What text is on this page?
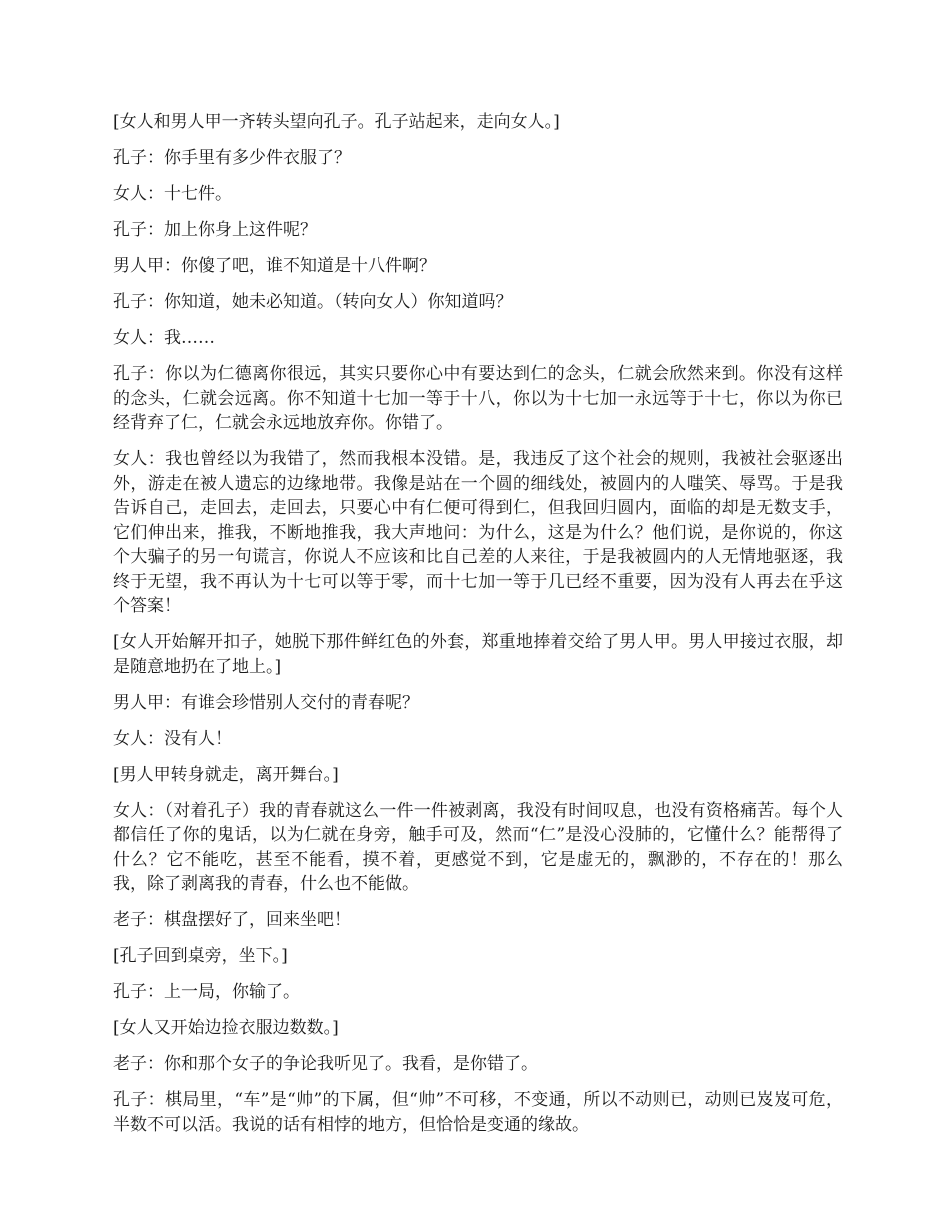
[女人和男人甲一齐转头望向孔子。孔子站起来，走向女人。]

孔子：你手里有多少件衣服了？

女人：十七件。

孔子：加上你身上这件呢？

男人甲：你傻了吧，谁不知道是十八件啊？

孔子：你知道，她未必知道。（转向女人）你知道吗？

女人：我……

孔子：你以为仁德离你很远，其实只要你心中有要达到仁的念头，仁就会欣然来到。你没有这样的念头，仁就会远离。你不知道十七加一等于十八，你以为十七加一永远等于十七，你以为你已经背弃了仁，仁就会永远地放弃你。你错了。

女人：我也曾经以为我错了，然而我根本没错。是，我违反了这个社会的规则，我被社会驱逐出外，游走在被人遗忘的边缘地带。我像是站在一个圆的细线处，被圆内的人嗤笑、辱骂。于是我告诉自己，走回去，走回去，只要心中有仁便可得到仁，但我回归圆内，面临的却是无数支手，它们伸出来，推我，不断地推我，我大声地问：为什么，这是为什么？他们说，是你说的，你这个大骗子的另一句谎言，你说人不应该和比自己差的人来往，于是我被圆内的人无情地驱逐，我终于无望，我不再认为十七可以等于零，而十七加一等于几已经不重要，因为没有人再去在乎这个答案！

[女人开始解开扣子，她脱下那件鲜红色的外套，郑重地捧着交给了男人甲。男人甲接过衣服，却是随意地扔在了地上。]

男人甲：有谁会珍惜别人交付的青春呢？

女人：没有人！

[男人甲转身就走，离开舞台。]

女人：（对着孔子）我的青春就这么一件一件被剥离，我没有时间叹息，也没有资格痛苦。每个人都信任了你的鬼话，以为仁就在身旁，触手可及，然而“仁”是没心没肺的，它懂什么？能帮得了什么？它不能吃，甚至不能看，摸不着，更感觉不到，它是虚无的，飘渺的，不存在的！那么我，除了剥离我的青春，什么也不能做。

老子：棋盘摆好了，回来坐吧！

[孔子回到桌旁，坐下。]

孔子：上一局，你输了。

[女人又开始边捡衣服边数数。]

老子：你和那个女子的争论我听见了。我看，是你错了。

孔子：棋局里，“车”是“帅”的下属，但“帅”不可移，不变通，所以不动则已，动则已岌岌可危，半数不可以活。我说的话有相悖的地方，但恰恰是变通的缘故。
